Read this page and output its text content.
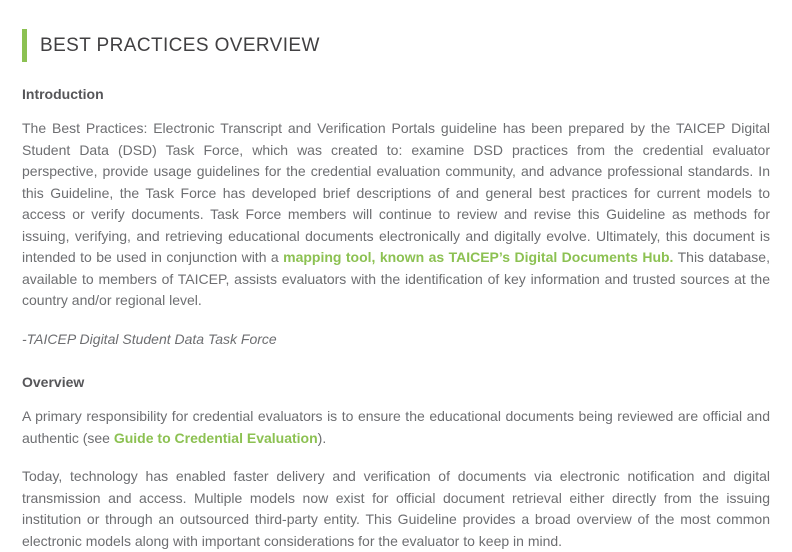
BEST PRACTICES OVERVIEW
Introduction

The Best Practices: Electronic Transcript and Verification Portals guideline has been prepared by the TAICEP Digital Student Data (DSD) Task Force, which was created to: examine DSD practices from the credential evaluator perspective, provide usage guidelines for the credential evaluation community, and advance professional standards. In this Guideline, the Task Force has developed brief descriptions of and general best practices for current models to access or verify documents. Task Force members will continue to review and revise this Guideline as methods for issuing, verifying, and retrieving educational documents electronically and digitally evolve. Ultimately, this document is intended to be used in conjunction with a mapping tool, known as TAICEP’s Digital Documents Hub. This database, available to members of TAICEP, assists evaluators with the identification of key information and trusted sources at the country and/or regional level.

-TAICEP Digital Student Data Task Force

Overview

A primary responsibility for credential evaluators is to ensure the educational documents being reviewed are official and authentic (see Guide to Credential Evaluation).

Today, technology has enabled faster delivery and verification of documents via electronic notification and digital transmission and access. Multiple models now exist for official document retrieval either directly from the issuing institution or through an outsourced third-party entity. This Guideline provides a broad overview of the most common electronic models along with important considerations for the evaluator to keep in mind.
